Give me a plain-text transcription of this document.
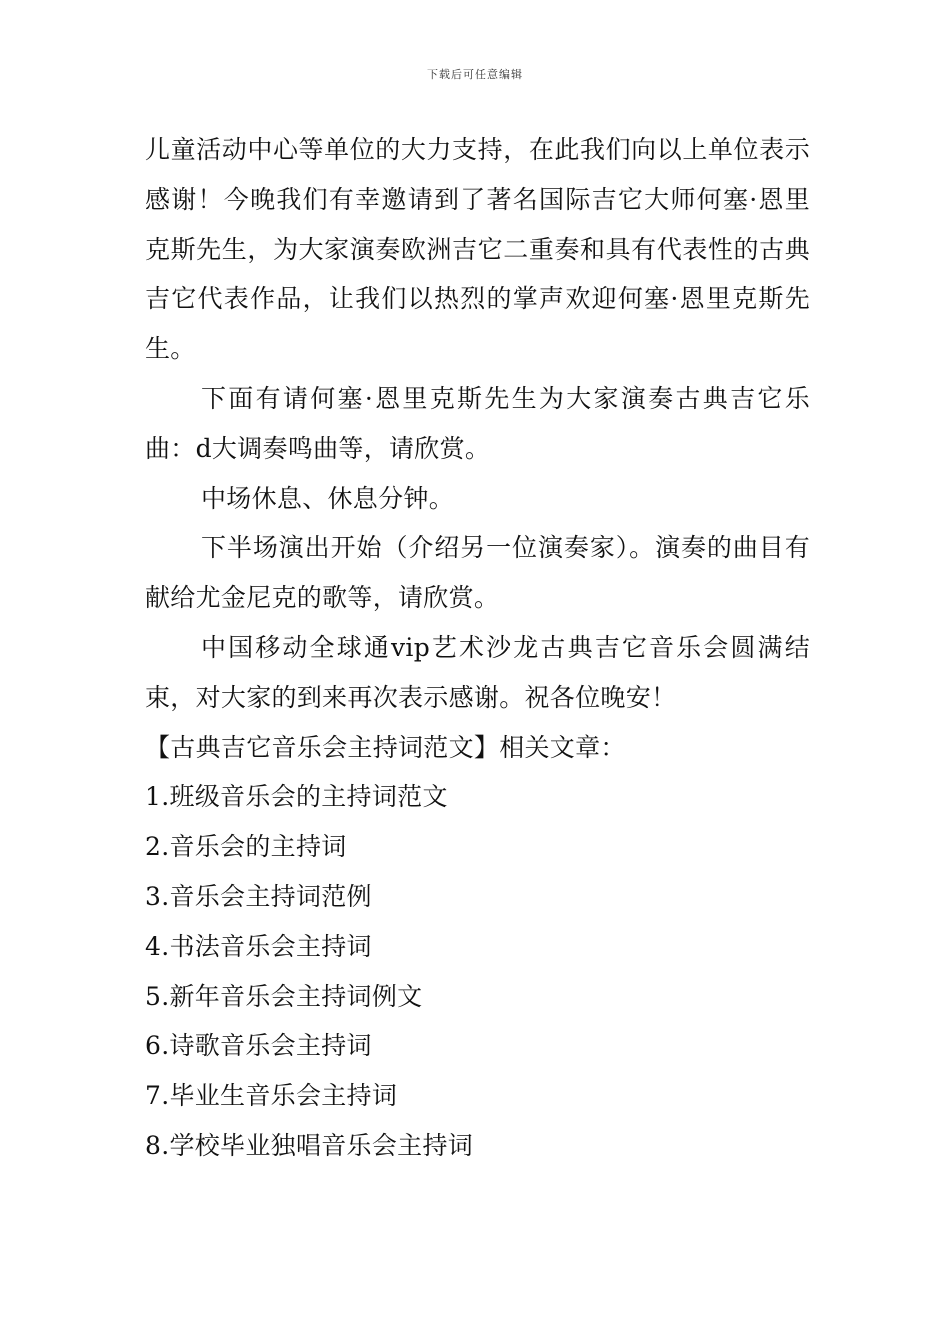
下载后可任意编辑

儿童活动中心等单位的大力支持，在此我们向以上单位表示感谢！今晚我们有幸邀请到了著名国际吉它大师何塞·恩里克斯先生，为大家演奏欧洲吉它二重奏和具有代表性的古典吉它代表作品，让我们以热烈的掌声欢迎何塞·恩里克斯先生。

下面有请何塞·恩里克斯先生为大家演奏古典吉它乐曲：d大调奏鸣曲等，请欣赏。

中场休息、休息分钟。

下半场演出开始（介绍另一位演奏家）。演奏的曲目有献给尤金尼克的歌等，请欣赏。

中国移动全球通vip艺术沙龙古典吉它音乐会圆满结束，对大家的到来再次表示感谢。祝各位晚安！

【古典吉它音乐会主持词范文】相关文章：

1.班级音乐会的主持词范文
2.音乐会的主持词
3.音乐会主持词范例
4.书法音乐会主持词
5.新年音乐会主持词例文
6.诗歌音乐会主持词
7.毕业生音乐会主持词
8.学校毕业独唱音乐会主持词
